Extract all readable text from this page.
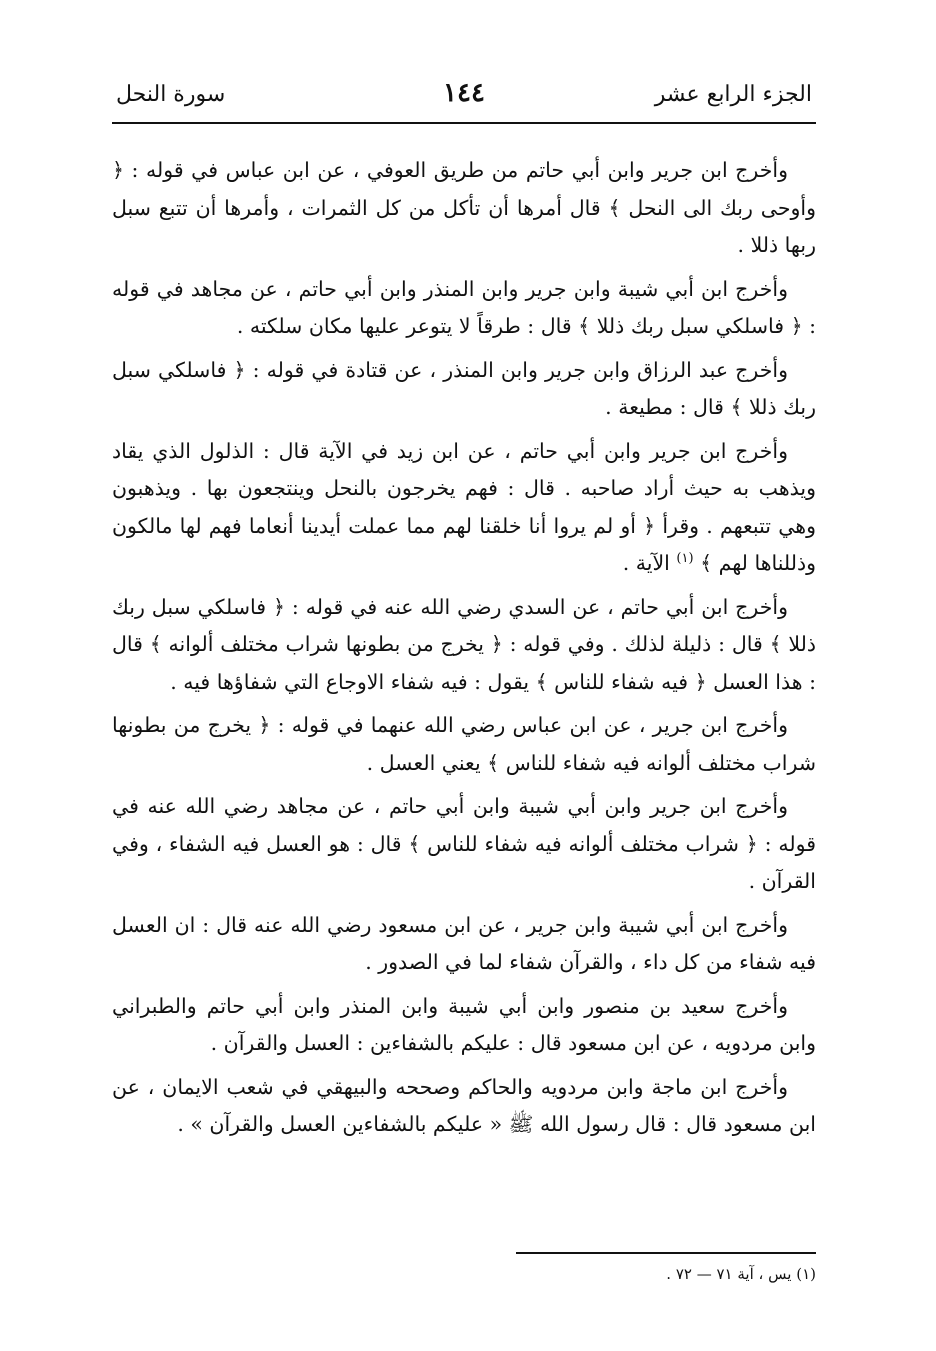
الجزء الرابع عشر
١٤٤
سورة النحل

وأخرج ابن جرير وابن أبي حاتم من طريق العوفي ، عن ابن عباس في قوله : ﴿ وأوحى ربك الى النحل ﴾ قال أمرها أن تأكل من كل الثمرات ، وأمرها أن تتبع سبل ربها ذللا .

وأخرج ابن أبي شيبة وابن جرير وابن المنذر وابن أبي حاتم ، عن مجاهد في قوله : ﴿ فاسلكي سبل ربك ذللا ﴾ قال : طرقاً لا يتوعر عليها مكان سلكته .

وأخرج عبد الرزاق وابن جرير وابن المنذر ، عن قتادة في قوله : ﴿ فاسلكي سبل ربك ذللا ﴾ قال : مطيعة .

وأخرج ابن جرير وابن أبي حاتم ، عن ابن زيد في الآية قال : الذلول الذي يقاد ويذهب به حيث أراد صاحبه . قال : فهم يخرجون بالنحل وينتجعون بها . ويذهبون وهي تتبعهم . وقرأ ﴿ أو لم يروا أنا خلقنا لهم مما عملت أيدينا أنعاما فهم لها مالكون وذللناها لهم ﴾ $^{(١)}$ الآية .

وأخرج ابن أبي حاتم ، عن السدي رضي الله عنه في قوله : ﴿ فاسلكي سبل ربك ذللا ﴾ قال : ذليلة لذلك . وفي قوله : ﴿ يخرج من بطونها شراب مختلف ألوانه ﴾ قال : هذا العسل ﴿ فيه شفاء للناس ﴾ يقول : فيه شفاء الاوجاع التي شفاؤها فيه .

وأخرج ابن جرير ، عن ابن عباس رضي الله عنهما في قوله : ﴿ يخرج من بطونها شراب مختلف ألوانه فيه شفاء للناس ﴾ يعني العسل .

وأخرج ابن جرير وابن أبي شيبة وابن أبي حاتم ، عن مجاهد رضي الله عنه في قوله : ﴿ شراب مختلف ألوانه فيه شفاء للناس ﴾ قال : هو العسل فيه الشفاء ، وفي القرآن .

وأخرج ابن أبي شيبة وابن جرير ، عن ابن مسعود رضي الله عنه قال : ان العسل فيه شفاء من كل داء ، والقرآن شفاء لما في الصدور .

وأخرج سعيد بن منصور وابن أبي شيبة وابن المنذر وابن أبي حاتم والطبراني وابن مردويه ، عن ابن مسعود قال : عليكم بالشفاءين : العسل والقرآن .

وأخرج ابن ماجة وابن مردويه والحاكم وصححه والبيهقي في شعب الايمان ، عن ابن مسعود قال : قال رسول الله ﷺ « عليكم بالشفاءين العسل والقرآن » .

(١) يس ، آية ٧١ — ٧٢ .
